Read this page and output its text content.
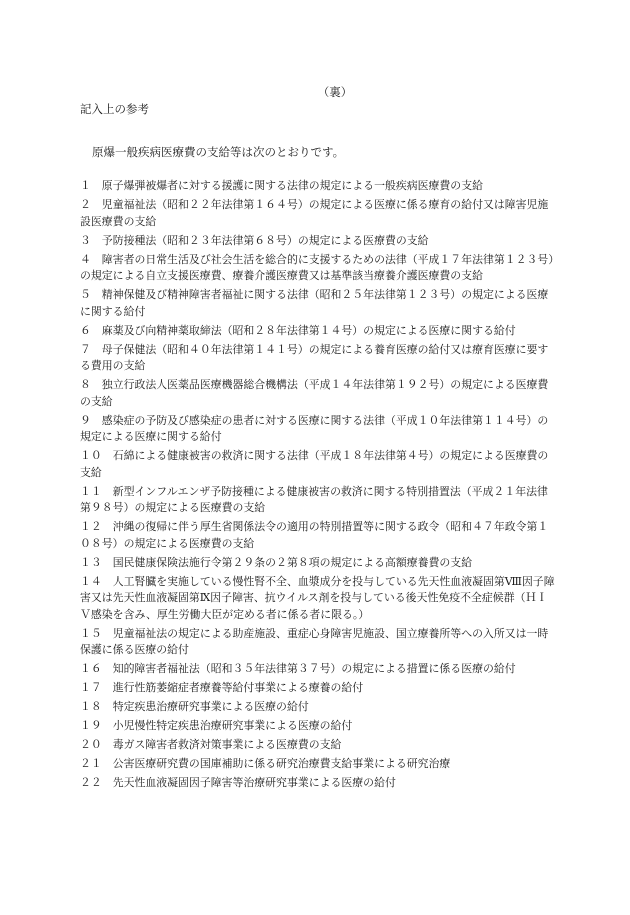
（裏）
記入上の参考
原爆一般疾病医療費の支給等は次のとおりです。
１　原子爆弾被爆者に対する援護に関する法律の規定による一般疾病医療費の支給
２　児童福祉法（昭和２２年法律第１６４号）の規定による医療に係る療育の給付又は障害児施設医療費の支給
３　予防接種法（昭和２３年法律第６８号）の規定による医療費の支給
４　障害者の日常生活及び社会生活を総合的に支援するための法律（平成１７年法律第１２３号）の規定による自立支援医療費、療養介護医療費又は基準該当療養介護医療費の支給
５　精神保健及び精神障害者福祉に関する法律（昭和２５年法律第１２３号）の規定による医療に関する給付
６　麻薬及び向精神薬取締法（昭和２８年法律第１４号）の規定による医療に関する給付
７　母子保健法（昭和４０年法律第１４１号）の規定による養育医療の給付又は療育医療に要する費用の支給
８　独立行政法人医薬品医療機器総合機構法（平成１４年法律第１９２号）の規定による医療費の支給
９　感染症の予防及び感染症の患者に対する医療に関する法律（平成１０年法律第１１４号）の規定による医療に関する給付
１０　石綿による健康被害の救済に関する法律（平成１８年法律第４号）の規定による医療費の支給
１１　新型インフルエンザ予防接種による健康被害の救済に関する特別措置法（平成２１年法律第９８号）の規定による医療費の支給
１２　沖縄の復帰に伴う厚生省関係法令の適用の特別措置等に関する政令（昭和４７年政令第１０８号）の規定による医療費の支給
１３　国民健康保険法施行令第２９条の２第８項の規定による高額療養費の支給
１４　人工腎臓を実施している慢性腎不全、血漿成分を投与している先天性血液凝固第Ⅷ因子障害又は先天性血液凝固第Ⅸ因子障害、抗ウイルス剤を投与している後天性免疫不全症候群（ＨＩＶ感染を含み、厚生労働大臣が定める者に係る者に限る。）
１５　児童福祉法の規定による助産施設、重症心身障害児施設、国立療養所等への入所又は一時保護に係る医療の給付
１６　知的障害者福祉法（昭和３５年法律第３７号）の規定による措置に係る医療の給付
１７　進行性筋萎縮症者療養等給付事業による療養の給付
１８　特定疾患治療研究事業による医療の給付
１９　小児慢性特定疾患治療研究事業による医療の給付
２０　毒ガス障害者救済対策事業による医療費の支給
２１　公害医療研究費の国庫補助に係る研究治療費支給事業による研究治療
２２　先天性血液凝固因子障害等治療研究事業による医療の給付
